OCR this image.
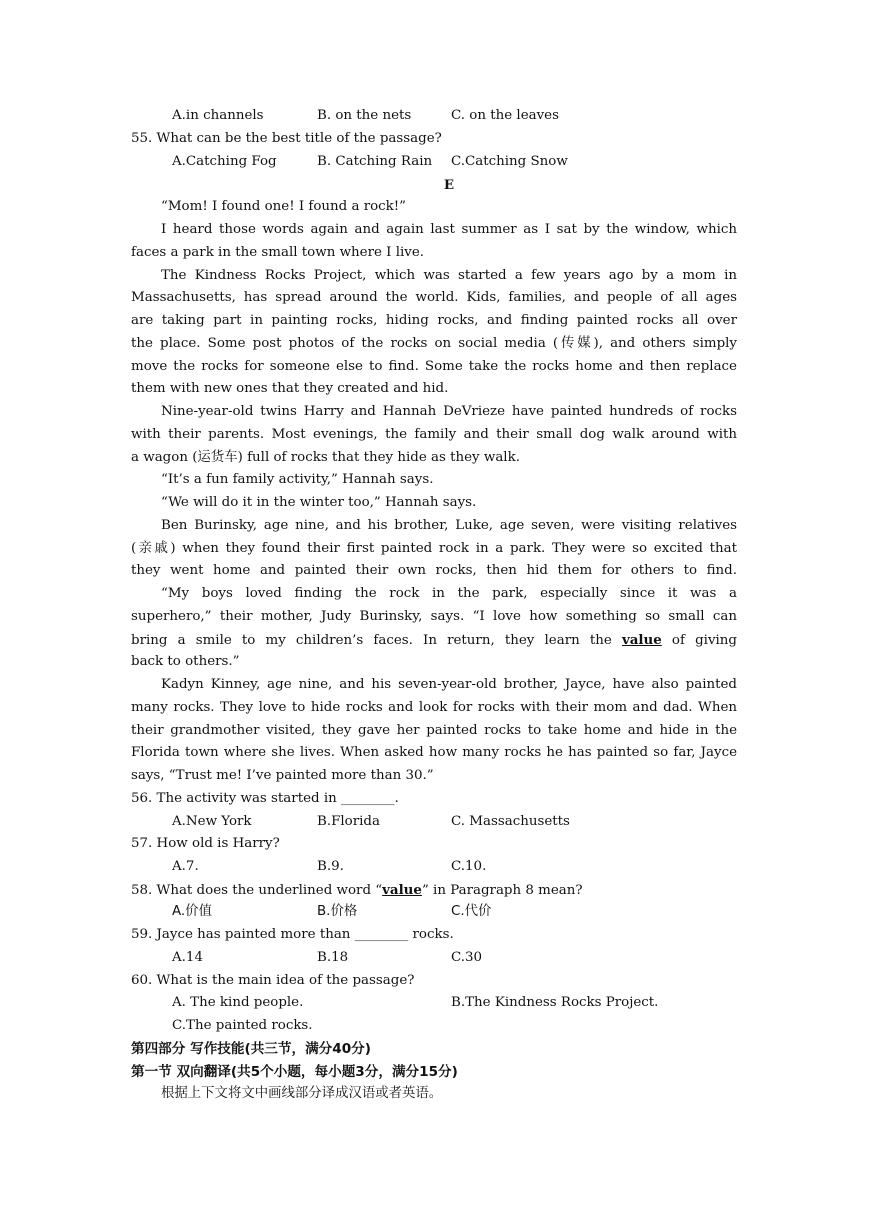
A.in channels	B. on the nets	C. on the leaves
55. What can be the best title of the passage?
A.Catching Fog	B. Catching Rain C.Catching Snow
E
“Mom! I found one! I found a rock!”
I heard those words again and again last summer as I sat by the window, which
faces a park in the small town where I live.
The Kindness Rocks Project, which was started a few years ago by a mom in
Massachusetts, has spread around the world. Kids, families, and people of all ages
are taking part in painting rocks, hiding rocks, and finding painted rocks all over
the place. Some post photos of the rocks on social media (传媒), and others simply
move the rocks for someone else to find. Some take the rocks home and then replace
them with new ones that they created and hid.
Nine-year-old twins Harry and Hannah DeVrieze have painted hundreds of rocks
with their parents. Most evenings, the family and their small dog walk around with
a wagon (运货车) full of rocks that they hide as they walk.
“It’s a fun family activity,” Hannah says.
“We will do it in the winter too,” Hannah says.
Ben Burinsky, age nine, and his brother, Luke, age seven, were visiting relatives
(亲戚) when they found their first painted rock in a park. They were so excited that
they went home and painted their own rocks, then hid them for others to find.
“My boys loved finding the rock in the park, especially since it was a
superhero,” their mother, Judy Burinsky, says. “I love how something so small can
bring a smile to my children’s faces. In return, they learn the value of giving
back to others.”
Kadyn Kinney, age nine, and his seven-year-old brother, Jayce, have also painted
many rocks. They love to hide rocks and look for rocks with their mom and dad. When
their grandmother visited, they gave her painted rocks to take home and hide in the
Florida town where she lives. When asked how many rocks he has painted so far, Jayce
says, “Trust me! I’ve painted more than 30.”
56. The activity was started in ________.
A.New York	B.Florida	C. Massachusetts
57. How old is Harry?
A.7.	B.9.	C.10.
58. What does the underlined word “value” in Paragraph 8 mean?
A.价值	B.价格	C.代价
59. Jayce has painted more than ________ rocks.
A.14	B.18	C.30
60. What is the main idea of the passage?
A. The kind people.	B.The Kindness Rocks Project.
C.The painted rocks.
第四部分 写作技能(共三节，满分40分)
第一节 双向翻译(共5个小题，每小题3分，满分15分)
根据上下文将文中画线部分译成汉语或者英语。
